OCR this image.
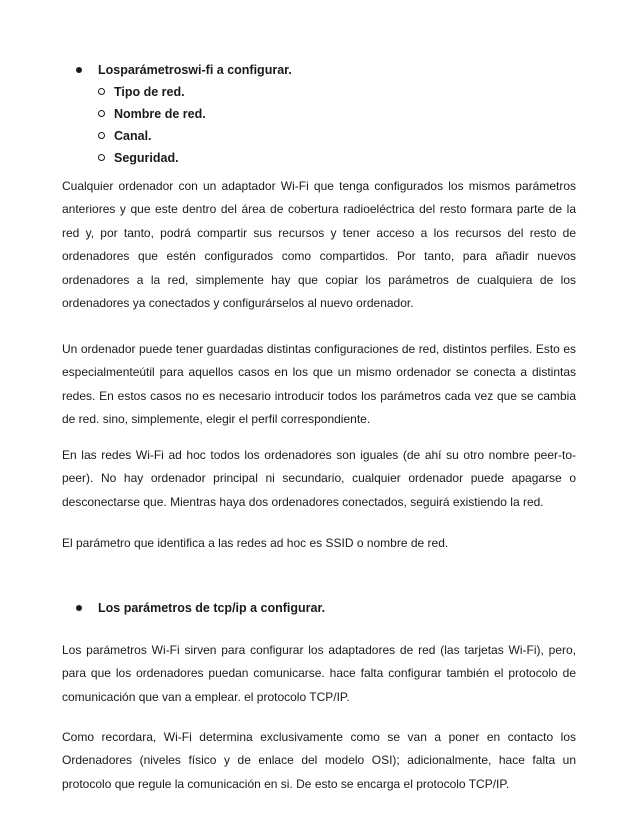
Losparámetroswi-fi a configurar.
Tipo de red.
Nombre de red.
Canal.
Seguridad.

Cualquier ordenador con un adaptador Wi-Fi que tenga configurados los mismos parámetros anteriores y que este dentro del área de cobertura radioeléctrica del resto formara parte de la red y, por tanto, podrá compartir sus recursos y tener acceso a los recursos del resto de ordenadores que estén configurados como compartidos. Por tanto, para añadir nuevos ordenadores a la red, simplemente hay que copiar los parámetros de cualquiera de los ordenadores ya conectados y configurárselos al nuevo ordenador.

Un ordenador puede tener guardadas distintas configuraciones de red, distintos perfiles. Esto es especialmenteútil para aquellos casos en los que un mismo ordenador se conecta a distintas redes. En estos casos no es necesario introducir todos los parámetros cada vez que se cambia de red. sino, simplemente, elegir el perfil correspondiente.

En las redes Wi-Fi ad hoc todos los ordenadores son iguales (de ahí su otro nombre peer-to-peer). No hay ordenador principal ni secundario, cualquier ordenador puede apagarse o desconectarse que. Mientras haya dos ordenadores conectados, seguirá existiendo la red.

El parámetro que identifica a las redes ad hoc es SSID o nombre de red.

Los parámetros de tcp/ip a configurar.

Los parámetros Wi-Fi sirven para configurar los adaptadores de red (las tarjetas Wi-Fi), pero, para que los ordenadores puedan comunicarse. hace falta configurar también el protocolo de comunicación que van a emplear. el protocolo TCP/IP.

Como recordara, Wi-Fi determina exclusivamente como se van a poner en contacto los Ordenadores (niveles físico y de enlace del modelo OSI); adicionalmente, hace falta un protocolo que regule la comunicación en si. De esto se encarga el protocolo TCP/IP.
